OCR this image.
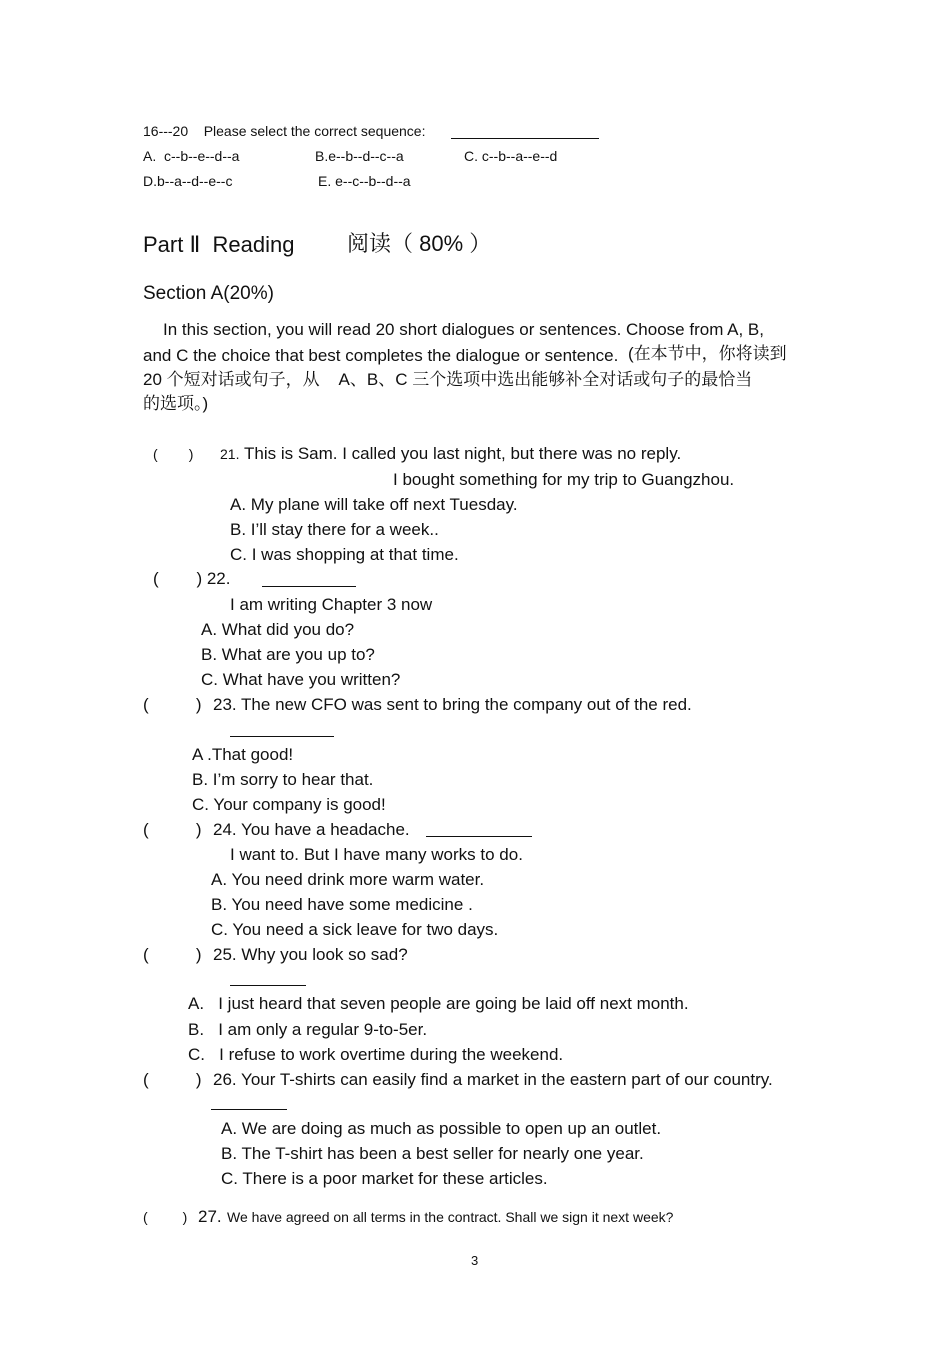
16---20    Please select the correct sequence:
A.  c--b--e--d--a	B.e--b--d--c--a	C. c--b--a--e--d
D.b--a--d--e--c	E. e--c--b--d--a
Part Ⅱ  Reading 阅读（ 80% ）
Section A(20%)
In this section, you will read 20 short dialogues or sentences. Choose from A, B,
and C the choice that best completes the dialogue or sentence. (在本节中，你将读到
20 个短对话或句子，从    A、B、C 三个选项中选出能够补全对话或句子的最恰当
的选项。)
(        ) 21. This is Sam. I called you last night, but there was no reply.
I bought something for my trip to Guangzhou.
A. My plane will take off next Tuesday.
B. I’ll stay there for a week..
C. I was shopping at that time.
(        ) 22.
I am writing Chapter 3 now
A. What did you do?
B. What are you up to?
C. What have you written?
(          ) 23. The new CFO was sent to bring the company out of the red.
A .That good!
B. I’m sorry to hear that.
C. Your company is good!
(          ) 24. You have a headache.
I want to. But I have many works to do.
A. You need drink more warm water.
B. You need have some medicine .
C. You need a sick leave for two days.
(          ) 25. Why you look so sad?
A.   I just heard that seven people are going be laid off next month.
B.   I am only a regular 9-to-5er.
C.   I refuse to work overtime during the weekend.
(          ) 26. Your T-shirts can easily find a market in the eastern part of our country.
A. We are doing as much as possible to open up an outlet.
B. The T-shirt has been a best seller for nearly one year.
C. There is a poor market for these articles.
(         ) 27. We have agreed on all terms in the contract. Shall we sign it next week?
3
